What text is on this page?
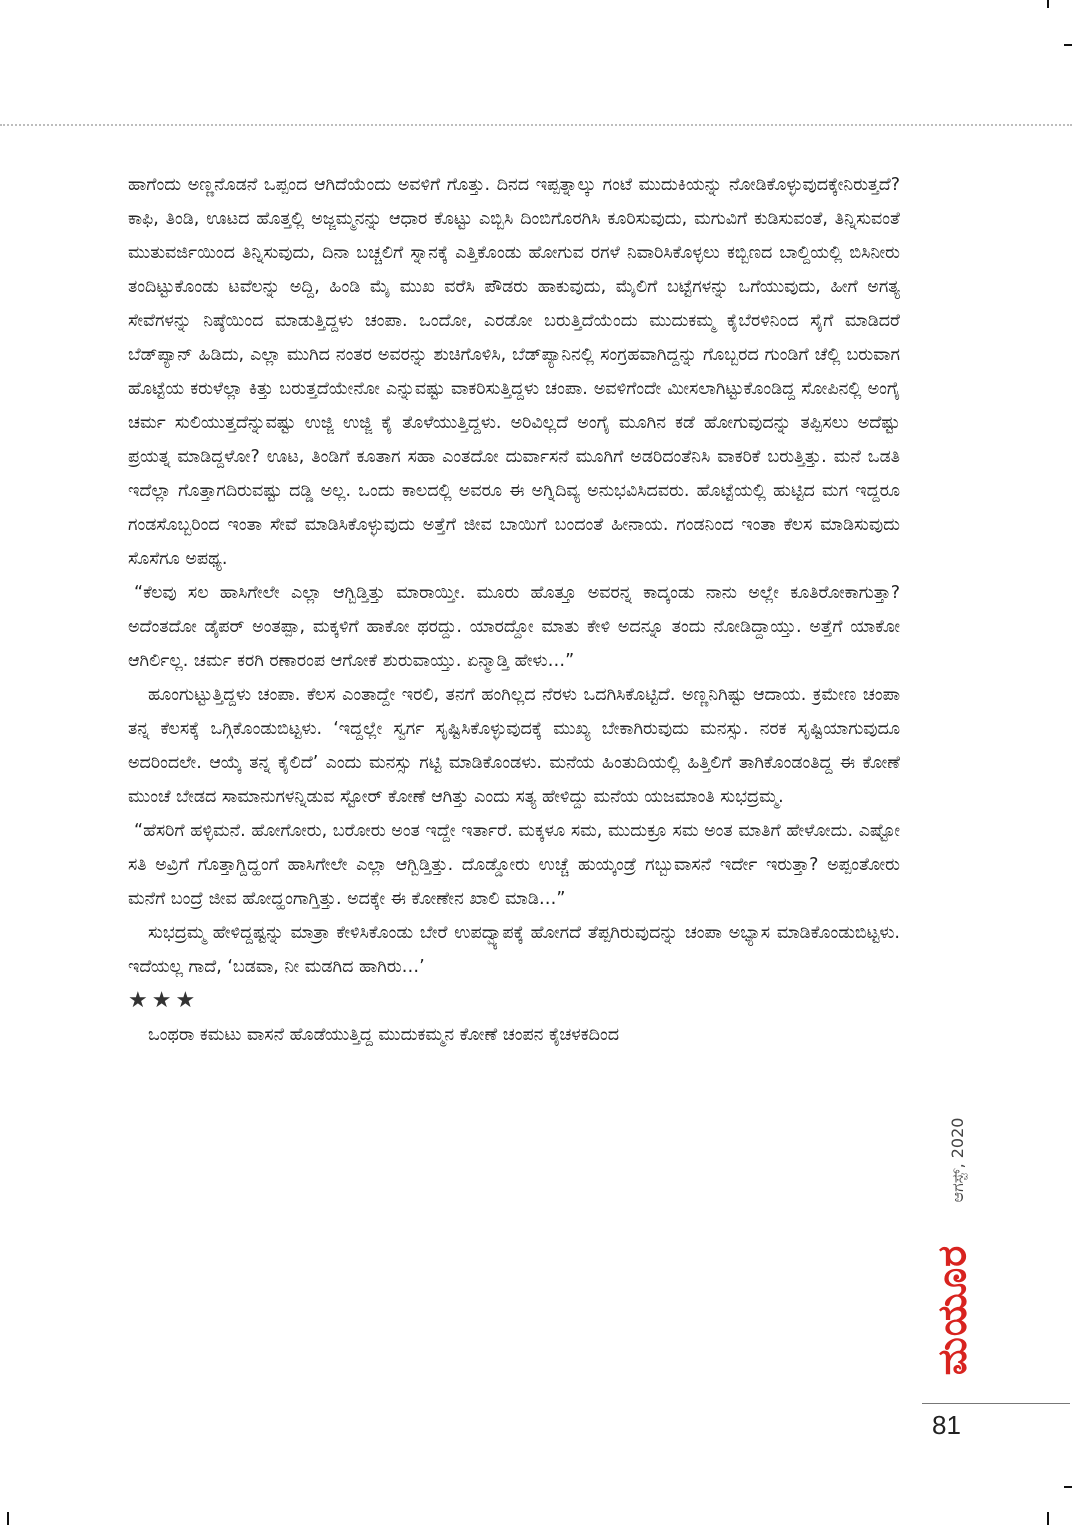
ಹಾಗೆಂದು ಅಣ್ಣನೊಡನೆ ಒಪ್ಪಂದ ಆಗಿದೆಯೆಂದು ಅವಳಿಗೆ ಗೊತ್ತು. ದಿನದ ಇಪ್ಪತ್ನಾಲ್ಕು ಗಂಟೆ ಮುದುಕಿಯನ್ನು ನೋಡಿಕೊಳ್ಳುವುದಕ್ಕೇನಿರುತ್ತದೆ? ಕಾಫಿ, ತಿಂಡಿ, ಊಟದ ಹೊತ್ತಲ್ಲಿ ಅಜ್ಜಮ್ಮನನ್ನು ಆಧಾರ ಕೊಟ್ಟು ಎಬ್ಬಿಸಿ ದಿಂಬಿಗೊರಗಿಸಿ ಕೂರಿಸುವುದು, ಮಗುವಿಗೆ ಕುಡಿಸುವಂತೆ, ತಿನ್ನಿಸುವಂತೆ ಮುತುವರ್ಜಿಯಿಂದ ತಿನ್ನಿಸುವುದು, ದಿನಾ ಬಚ್ಚಲಿಗೆ ಸ್ನಾನಕ್ಕೆ ಎತ್ತಿಕೊಂಡು ಹೋಗುವ ರಗಳೆ ನಿವಾರಿಸಿಕೊಳ್ಳಲು ಕಬ್ಬಿಣದ ಬಾಲ್ದಿಯಲ್ಲಿ ಬಿಸಿನೀರು ತಂದಿಟ್ಟುಕೊಂಡು ಟವೆಲನ್ನು ಅದ್ದಿ, ಹಿಂಡಿ ಮೈ ಮುಖ ವರೆಸಿ ಪೌಡರು ಹಾಕುವುದು, ಮೈಲಿಗೆ ಬಟ್ಟೆಗಳನ್ನು ಒಗೆಯುವುದು, ಹೀಗೆ ಅಗತ್ಯ ಸೇವೆಗಳನ್ನು ನಿಷ್ಠೆಯಿಂದ ಮಾಡುತ್ತಿದ್ದಳು ಚಂಪಾ. ಒಂದೋ, ಎರಡೋ ಬರುತ್ತಿದೆಯೆಂದು ಮುದುಕಮ್ಮ ಕೈಬೆರಳಿನಿಂದ ಸೈಗೆ ಮಾಡಿದರೆ ಬೆಡ್‌ಪ್ಯಾನ್ ಹಿಡಿದು, ಎಲ್ಲಾ ಮುಗಿದ ನಂತರ ಅವರನ್ನು ಶುಚಿಗೊಳಿಸಿ, ಬೆಡ್‌ಪ್ಯಾನಿನಲ್ಲಿ ಸಂಗ್ರಹವಾಗಿದ್ದನ್ನು ಗೊಬ್ಬರದ ಗುಂಡಿಗೆ ಚೆಲ್ಲಿ ಬರುವಾಗ ಹೊಟ್ಟೆಯ ಕರುಳೆಲ್ಲಾ ಕಿತ್ತು ಬರುತ್ತದೆಯೇನೋ ಎನ್ನುವಷ್ಟು ವಾಕರಿಸುತ್ತಿದ್ದಳು ಚಂಪಾ. ಅವಳಿಗೆಂದೇ ಮೀಸಲಾಗಿಟ್ಟುಕೊಂಡಿದ್ದ ಸೋಪಿನಲ್ಲಿ ಅಂಗೈ ಚರ್ಮ ಸುಲಿಯುತ್ತದೆನ್ನುವಷ್ಟು ಉಜ್ಜಿ ಉಜ್ಜಿ ಕೈ ತೊಳೆಯುತ್ತಿದ್ದಳು. ಅರಿವಿಲ್ಲದೆ ಅಂಗೈ ಮೂಗಿನ ಕಡೆ ಹೋಗುವುದನ್ನು ತಪ್ಪಿಸಲು ಅದೆಷ್ಟು ಪ್ರಯತ್ನ ಮಾಡಿದ್ದಳೋ? ಊಟ, ತಿಂಡಿಗೆ ಕೂತಾಗ ಸಹಾ ಎಂತದೋ ದುರ್ವಾಸನೆ ಮೂಗಿಗೆ ಅಡರಿದಂತೆನಿಸಿ ವಾಕರಿಕೆ ಬರುತ್ತಿತ್ತು. ಮನೆ ಒಡತಿ ಇದೆಲ್ಲಾ ಗೊತ್ತಾಗದಿರುವಷ್ಟು ದಡ್ಡಿ ಅಲ್ಲ. ಒಂದು ಕಾಲದಲ್ಲಿ ಅವರೂ ಈ ಅಗ್ನಿದಿವ್ಯ ಅನುಭವಿಸಿದವರು. ಹೊಟ್ಟೆಯಲ್ಲಿ ಹುಟ್ಟಿದ ಮಗ ಇದ್ದರೂ ಗಂಡಸೊಬ್ಬರಿಂದ ಇಂತಾ ಸೇವೆ ಮಾಡಿಸಿಕೊಳ್ಳುವುದು ಅತ್ತೆಗೆ ಜೀವ ಬಾಯಿಗೆ ಬಂದಂತೆ ಹೀನಾಯ. ಗಂಡನಿಂದ ಇಂತಾ ಕೆಲಸ ಮಾಡಿಸುವುದು ಸೊಸೆಗೂ ಅಪಥ್ಯ.

“ಕೆಲವು ಸಲ ಹಾಸಿಗೇಲೇ ಎಲ್ಲಾ ಆಗ್ಬಿಡ್ತಿತ್ತು ಮಾರಾಯ್ತೀ. ಮೂರು ಹೊತ್ತೂ ಅವರನ್ನ ಕಾದ್ಕಂಡು ನಾನು ಅಲ್ಲೇ ಕೂತಿರೋಕಾಗುತ್ತಾ? ಅದೆಂತದೋ ಡೈಪರ್ ಅಂತಪ್ಪಾ, ಮಕ್ಕಳಿಗೆ ಹಾಕೋ ಥರದ್ದು. ಯಾರದ್ದೋ ಮಾತು ಕೇಳಿ ಅದನ್ನೂ ತಂದು ನೋಡಿದ್ದಾಯ್ತು. ಅತ್ತೆಗೆ ಯಾಕೋ ಆಗಿರ್ಲಿಲ್ಲ. ಚರ್ಮ ಕರಗಿ ರಣಾರಂಪ ಆಗೋಕೆ ಶುರುವಾಯ್ತು. ಏನ್ಮಾಡ್ತಿ ಹೇಳು…”

ಹೂಂಗುಟ್ಟುತ್ತಿದ್ದಳು ಚಂಪಾ. ಕೆಲಸ ಎಂತಾದ್ದೇ ಇರಲಿ, ತನಗೆ ಹಂಗಿಲ್ಲದ ನೆರಳು ಒದಗಿಸಿಕೊಟ್ಟಿದೆ. ಅಣ್ಣನಿಗಿಷ್ಟು ಆದಾಯ. ಕ್ರಮೇಣ ಚಂಪಾ ತನ್ನ ಕೆಲಸಕ್ಕೆ ಒಗ್ಗಿಕೊಂಡುಬಿಟ್ಟಳು. ‘ಇದ್ದಲ್ಲೇ ಸ್ವರ್ಗ ಸೃಷ್ಟಿಸಿಕೊಳ್ಳುವುದಕ್ಕೆ ಮುಖ್ಯ ಬೇಕಾಗಿರುವುದು ಮನಸ್ಸು. ನರಕ ಸೃಷ್ಟಿಯಾಗುವುದೂ ಅದರಿಂದಲೇ. ಆಯ್ಕೆ ತನ್ನ ಕೈಲಿದೆ’ ಎಂದು ಮನಸ್ಸು ಗಟ್ಟಿ ಮಾಡಿಕೊಂಡಳು. ಮನೆಯ ಹಿಂತುದಿಯಲ್ಲಿ ಹಿತ್ತಿಲಿಗೆ ತಾಗಿಕೊಂಡಂತಿದ್ದ ಈ ಕೋಣೆ ಮುಂಚೆ ಬೇಡದ ಸಾಮಾನುಗಳನ್ನಿಡುವ ಸ್ಟೋರ್ ಕೋಣೆ ಆಗಿತ್ತು ಎಂದು ಸತ್ಯ ಹೇಳಿದ್ದು ಮನೆಯ ಯಜಮಾಂತಿ ಸುಭದ್ರಮ್ಮ.

“ಹೆಸರಿಗೆ ಹಳ್ಳಿಮನೆ. ಹೋಗೋರು, ಬರೋರು ಅಂತ ಇದ್ದೇ ಇರ್ತಾರೆ. ಮಕ್ಕಳೂ ಸಮ, ಮುದುಕ್ರೂ ಸಮ ಅಂತ ಮಾತಿಗೆ ಹೇಳೋದು. ಎಷ್ಟೋ ಸತಿ ಅವ್ರಿಗೆ ಗೊತ್ತಾಗ್ದಿದ್ಹಂಗೆ ಹಾಸಿಗೇಲೇ ಎಲ್ಲಾ ಆಗ್ಬಿಡ್ತಿತ್ತು. ದೊಡ್ಡೋರು ಉಚ್ಚೆ ಹುಯ್ಕಂಡ್ರೆ ಗಬ್ಬುವಾಸನೆ ಇರ್ದೇ ಇರುತ್ತಾ? ಅಪ್ಪಂತೋರು ಮನೆಗೆ ಬಂದ್ರೆ ಜೀವ ಹೋದ್ಹಂಗಾಗ್ತಿತ್ತು. ಅದಕ್ಕೇ ಈ ಕೋಣೇನ ಖಾಲಿ ಮಾಡಿ…”

ಸುಭದ್ರಮ್ಮ ಹೇಳಿದ್ದಷ್ಟನ್ನು ಮಾತ್ರಾ ಕೇಳಿಸಿಕೊಂಡು ಬೇರೆ ಉಪದ್ವ್ಯಾಪಕ್ಕೆ ಹೋಗದೆ ತೆಪ್ಪಗಿರುವುದನ್ನು ಚಂಪಾ ಅಭ್ಯಾಸ ಮಾಡಿಕೊಂಡುಬಿಟ್ಟಳು. ಇದೆಯಲ್ಲ ಗಾದೆ, ‘ಬಡವಾ, ನೀ ಮಡಗಿದ ಹಾಗಿರು…’

★★★

ಒಂಥರಾ ಕಮಟು ವಾಸನೆ ಹೊಡೆಯುತ್ತಿದ್ದ ಮುದುಕಮ್ಮನ ಕೋಣೆ ಚಂಪನ ಕೈಚಳಕದಿಂದ

ಆಗಸ್ಟ್, 2020
ಮಯೂರ
81
